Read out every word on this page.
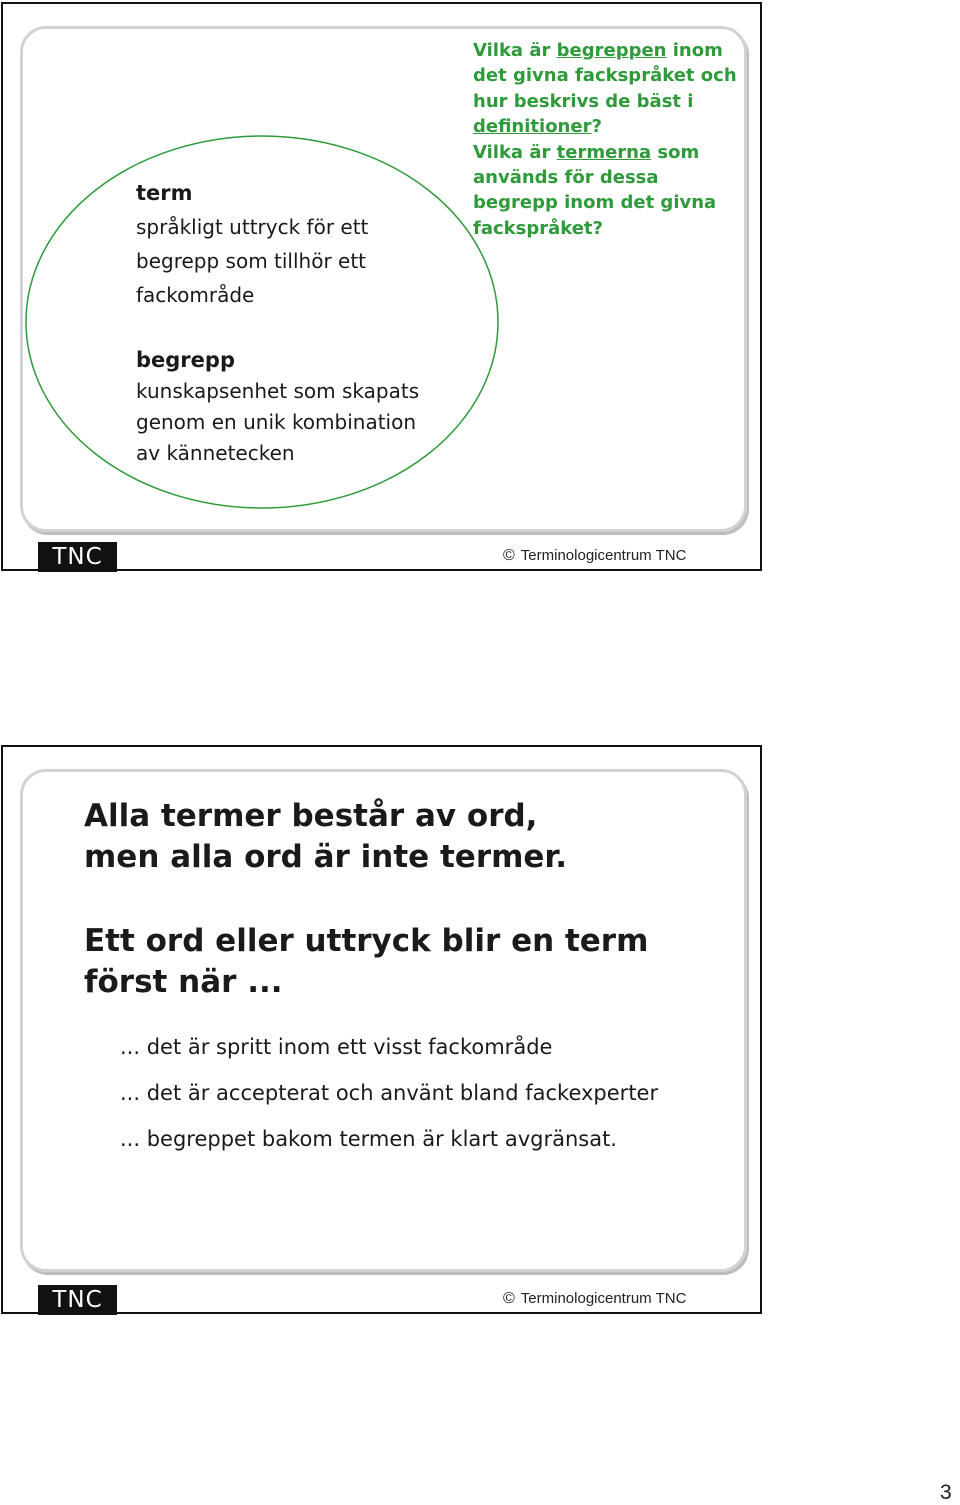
term
språkligt uttryck för ett
begrepp som tillhör ett
fackområde
begrepp
kunskapsenhet som skapats
genom en unik kombination
av kännetecken
Vilka är begreppen inom
det givna fackspråket och
hur beskrivs de bäst i
definitioner?
Vilka är termerna som
används för dessa
begrepp inom det givna
fackspråket?
TNC	© Terminologicentrum TNC
TNC	© Terminologicentrum TNC
Alla termer består av ord,
men alla ord är inte termer.
Ett ord eller uttryck blir en term
först när ...
... det är spritt inom ett visst fackområde
... det är accepterat och använt bland fackexperter
... begreppet bakom termen är klart avgränsat.
3
